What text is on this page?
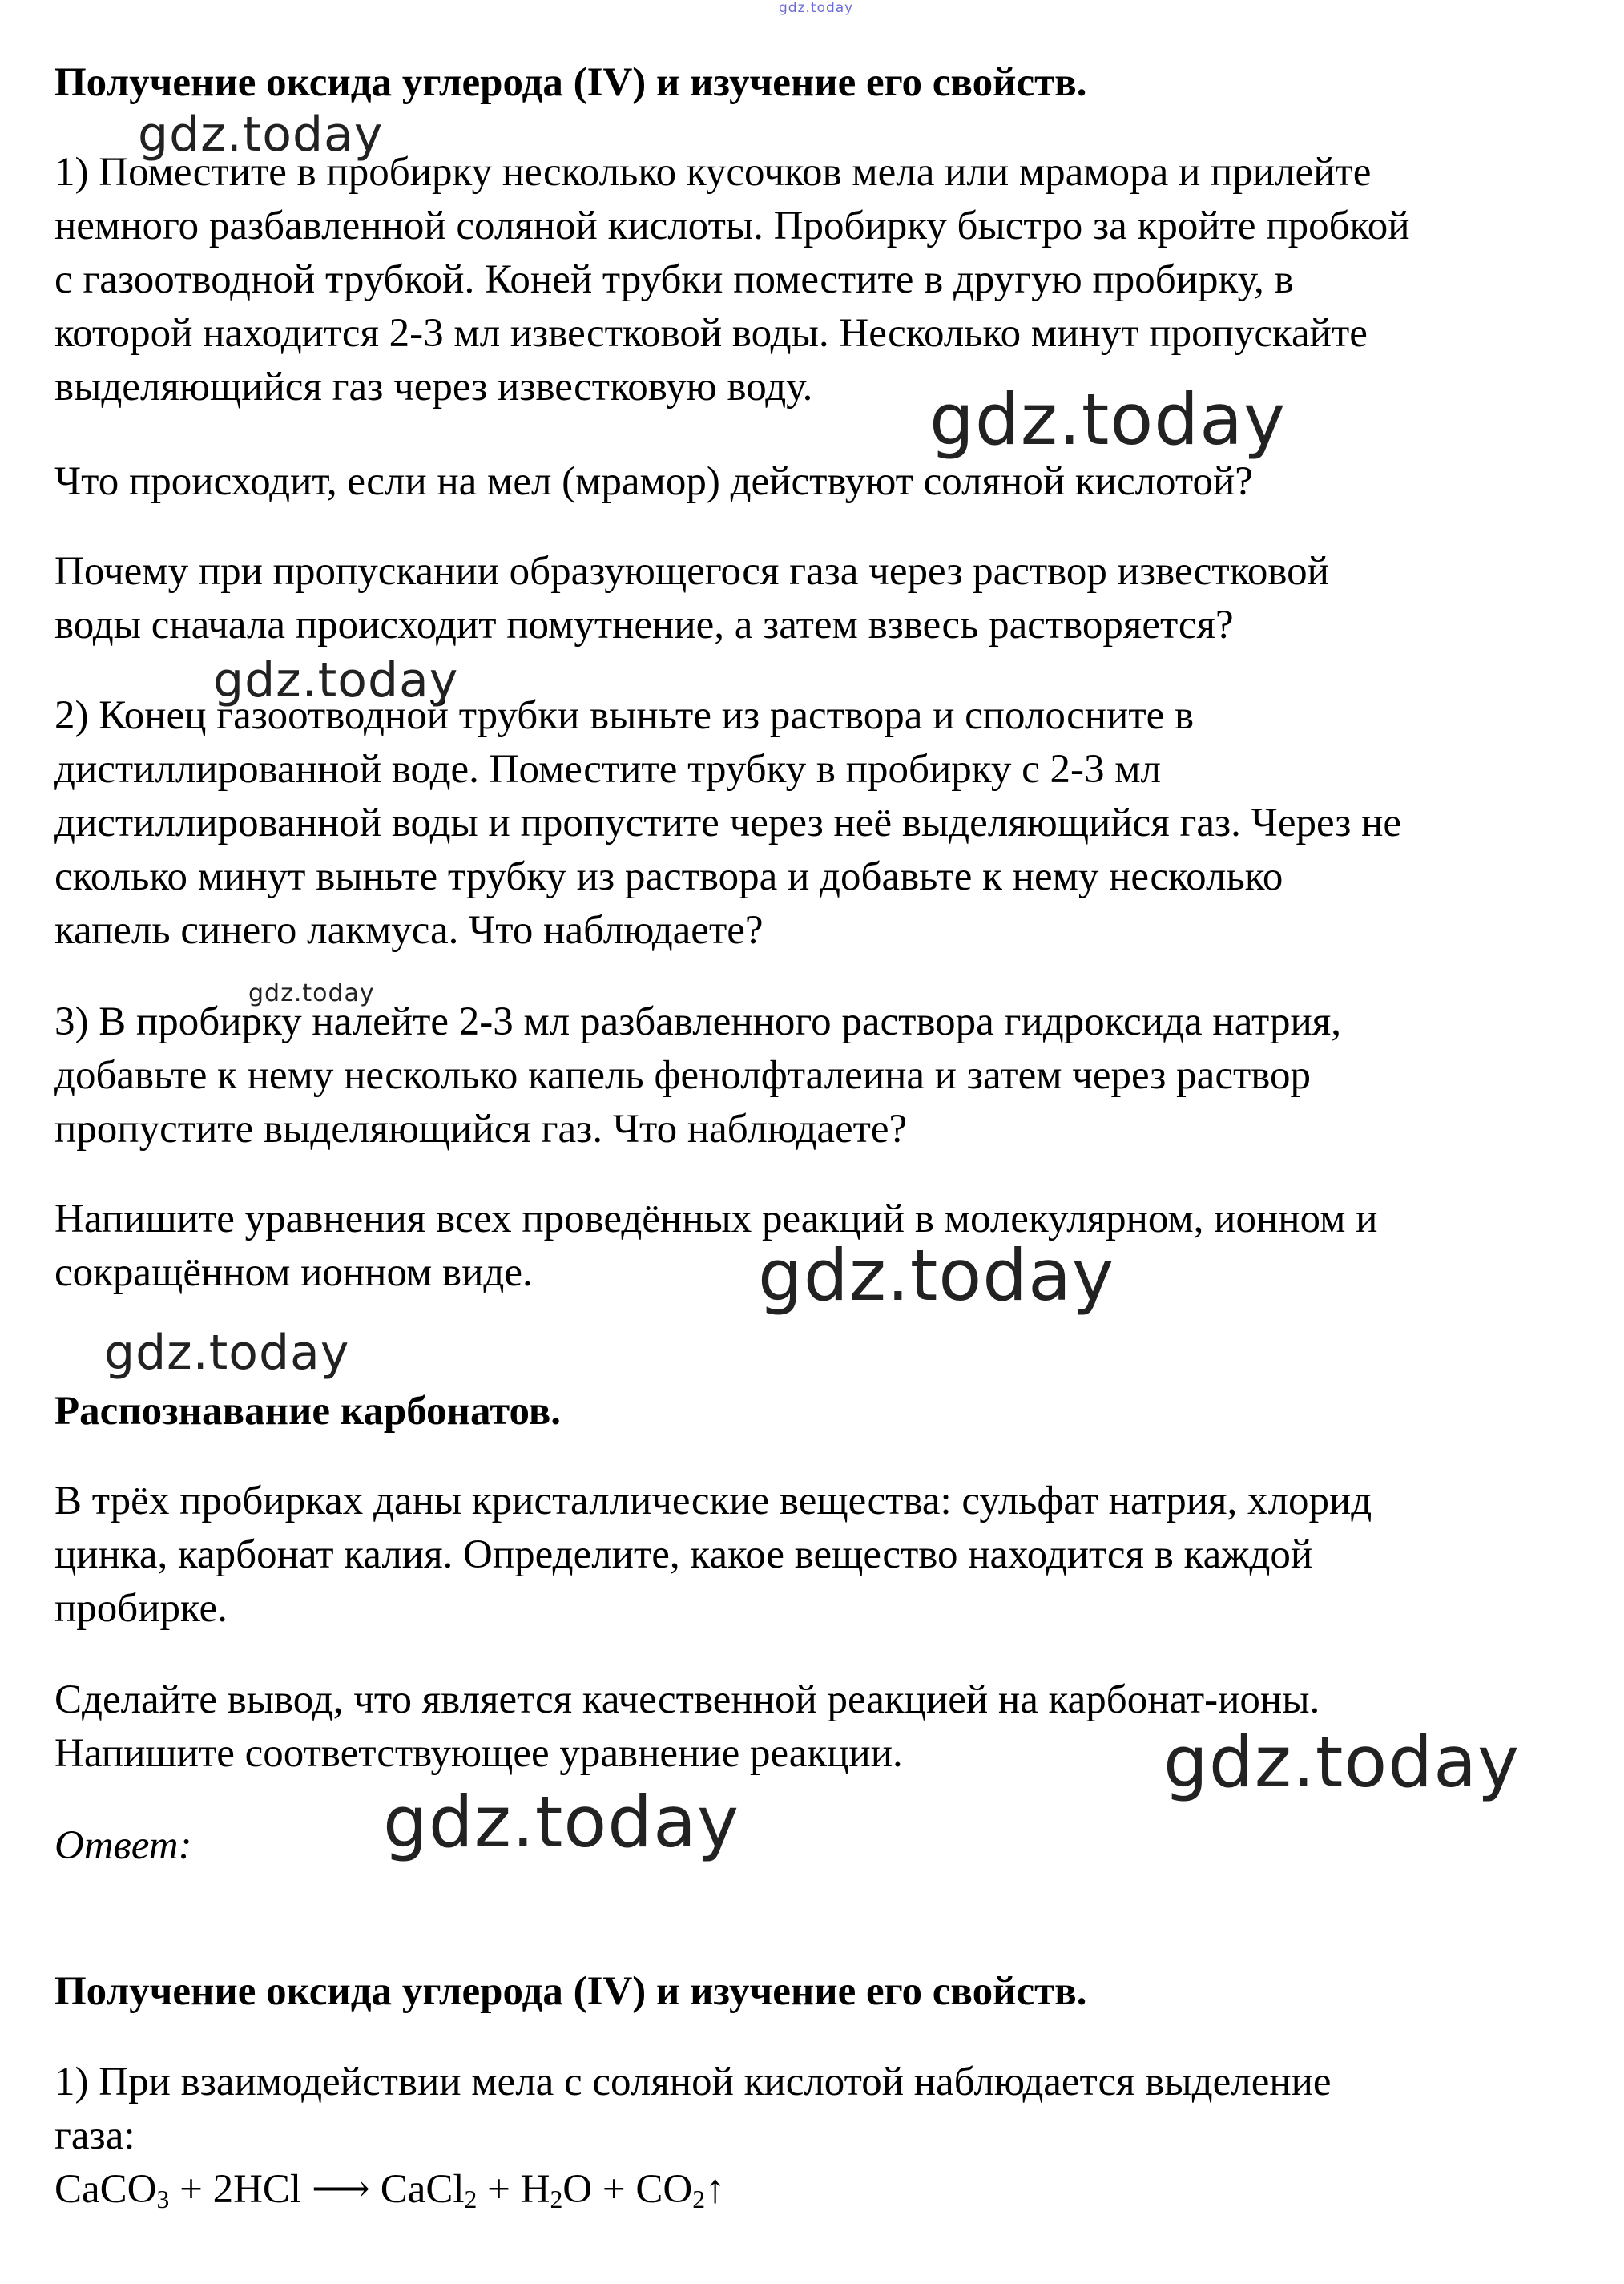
Получение оксида углерода (IV) и изучение его свойств.
1) Поместите в пробирку несколько кусочков мела или мрамора и прилейте
немного разбавленной соляной кислоты. Пробирку быстро за кройте пробкой
с газоотводной трубкой. Коней трубки поместите в другую пробирку, в
которой находится 2-3 мл известковой воды. Несколько минут пропускайте
выделяющийся газ через известковую воду.
Что происходит, если на мел (мрамор) действуют соляной кислотой?
Почему при пропускании образующегося газа через раствор известковой
воды сначала происходит помутнение, а затем взвесь растворяется?
2) Конец газоотводной трубки выньте из раствора и сполосните в
дистиллированной воде. Поместите трубку в пробирку с 2-3 мл
дистиллированной воды и пропустите через неё выделяющийся газ. Через не
сколько минут выньте трубку из раствора и добавьте к нему несколько
капель синего лакмуса. Что наблюдаете?
3) В пробирку налейте 2-3 мл разбавленного раствора гидроксида натрия,
добавьте к нему несколько капель фенолфталеина и затем через раствор
пропустите выделяющийся газ. Что наблюдаете?
Напишите уравнения всех проведённых реакций в молекулярном, ионном и
сокращённом ионном виде.
Распознавание карбонатов.
В трёх пробирках даны кристаллические вещества: сульфат натрия, хлорид
цинка, карбонат калия. Определите, какое вещество находится в каждой
пробирке.
Сделайте вывод, что является качественной реакцией на карбонат-ионы.
Напишите соответствующее уравнение реакции.
Ответ:
Получение оксида углерода (IV) и изучение его свойств.
1) При взаимодействии мела с соляной кислотой наблюдается выделение
газа:
CaCO$_3$ + 2HCl ⟶ CaCl$_2$ + $H_2O$ + $CO_2↑$
gdz.today
gdz.today
gdz.today
gdz.today
gdz.today
gdz.today
gdz.today
gdz.today
gdz.today
